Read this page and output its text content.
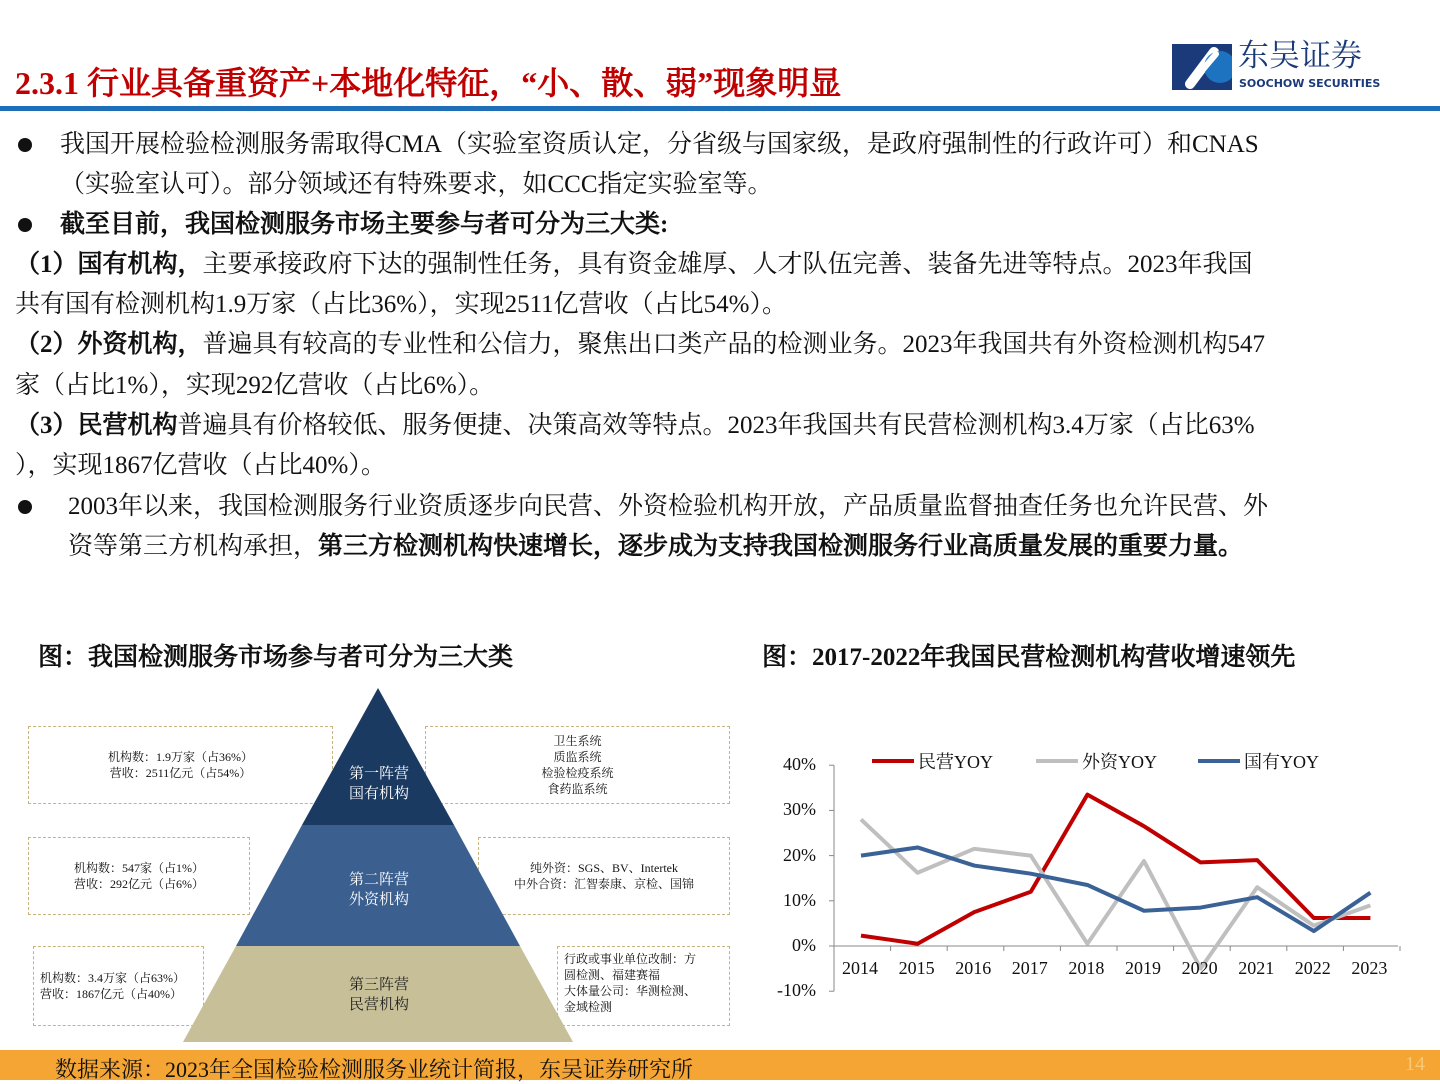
2.3.1 行业具备重资产+本地化特征，“小、散、弱”现象明显
东吴证券
SOOCHOW SECURITIES
我国开展检验检测服务需取得CMA（实验室资质认定，分省级与国家级，是政府强制性的行政许可）和CNAS
（实验室认可）。部分领域还有特殊要求，如CCC指定实验室等。
截至目前，我国检测服务市场主要参与者可分为三大类:
（1）国有机构，主要承接政府下达的强制性任务，具有资金雄厚、人才队伍完善、装备先进等特点。2023年我国
共有国有检测机构1.9万家（占比36%），实现2511亿营收（占比54%）。
（2）外资机构，普遍具有较高的专业性和公信力，聚焦出口类产品的检测业务。2023年我国共有外资检测机构547
家（占比1%），实现292亿营收（占比6%）。
（3）民营机构普遍具有价格较低、服务便捷、决策高效等特点。2023年我国共有民营检测机构3.4万家（占比63%
），实现1867亿营收（占比40%）。
2003年以来，我国检测服务行业资质逐步向民营、外资检验机构开放，产品质量监督抽查任务也允许民营、外
资等第三方机构承担，第三方检测机构快速增长，逐步成为支持我国检测服务行业高质量发展的重要力量。
图：我国检测服务市场参与者可分为三大类	图：2017-2022年我国民营检测机构营收增速领先
机构数：1.9万家（占36%）
营收：2511亿元（占54%）
卫生系统
质监系统
检验检疫系统
食药监系统
机构数：547家（占1%）
营收：292亿元（占6%）
纯外资：SGS、BV、Intertek
中外合资：汇智泰康、京检、国锦
机构数：3.4万家（占63%）
营收：1867亿元（占40%）
行政或事业单位改制：方
圆检测、福建赛福
大体量公司：华测检测、
金域检测
第一阵营
国有机构
第二阵营
外资机构
第三阵营
民营机构
40%
30%
20%
10%
0%
-10%
2014 2015 2016 2017 2018 2019 2020 2021 2022 2023
民营YOY	外资YOY	国有YOY
数据来源：2023年全国检验检测服务业统计简报，东吴证券研究所	14
